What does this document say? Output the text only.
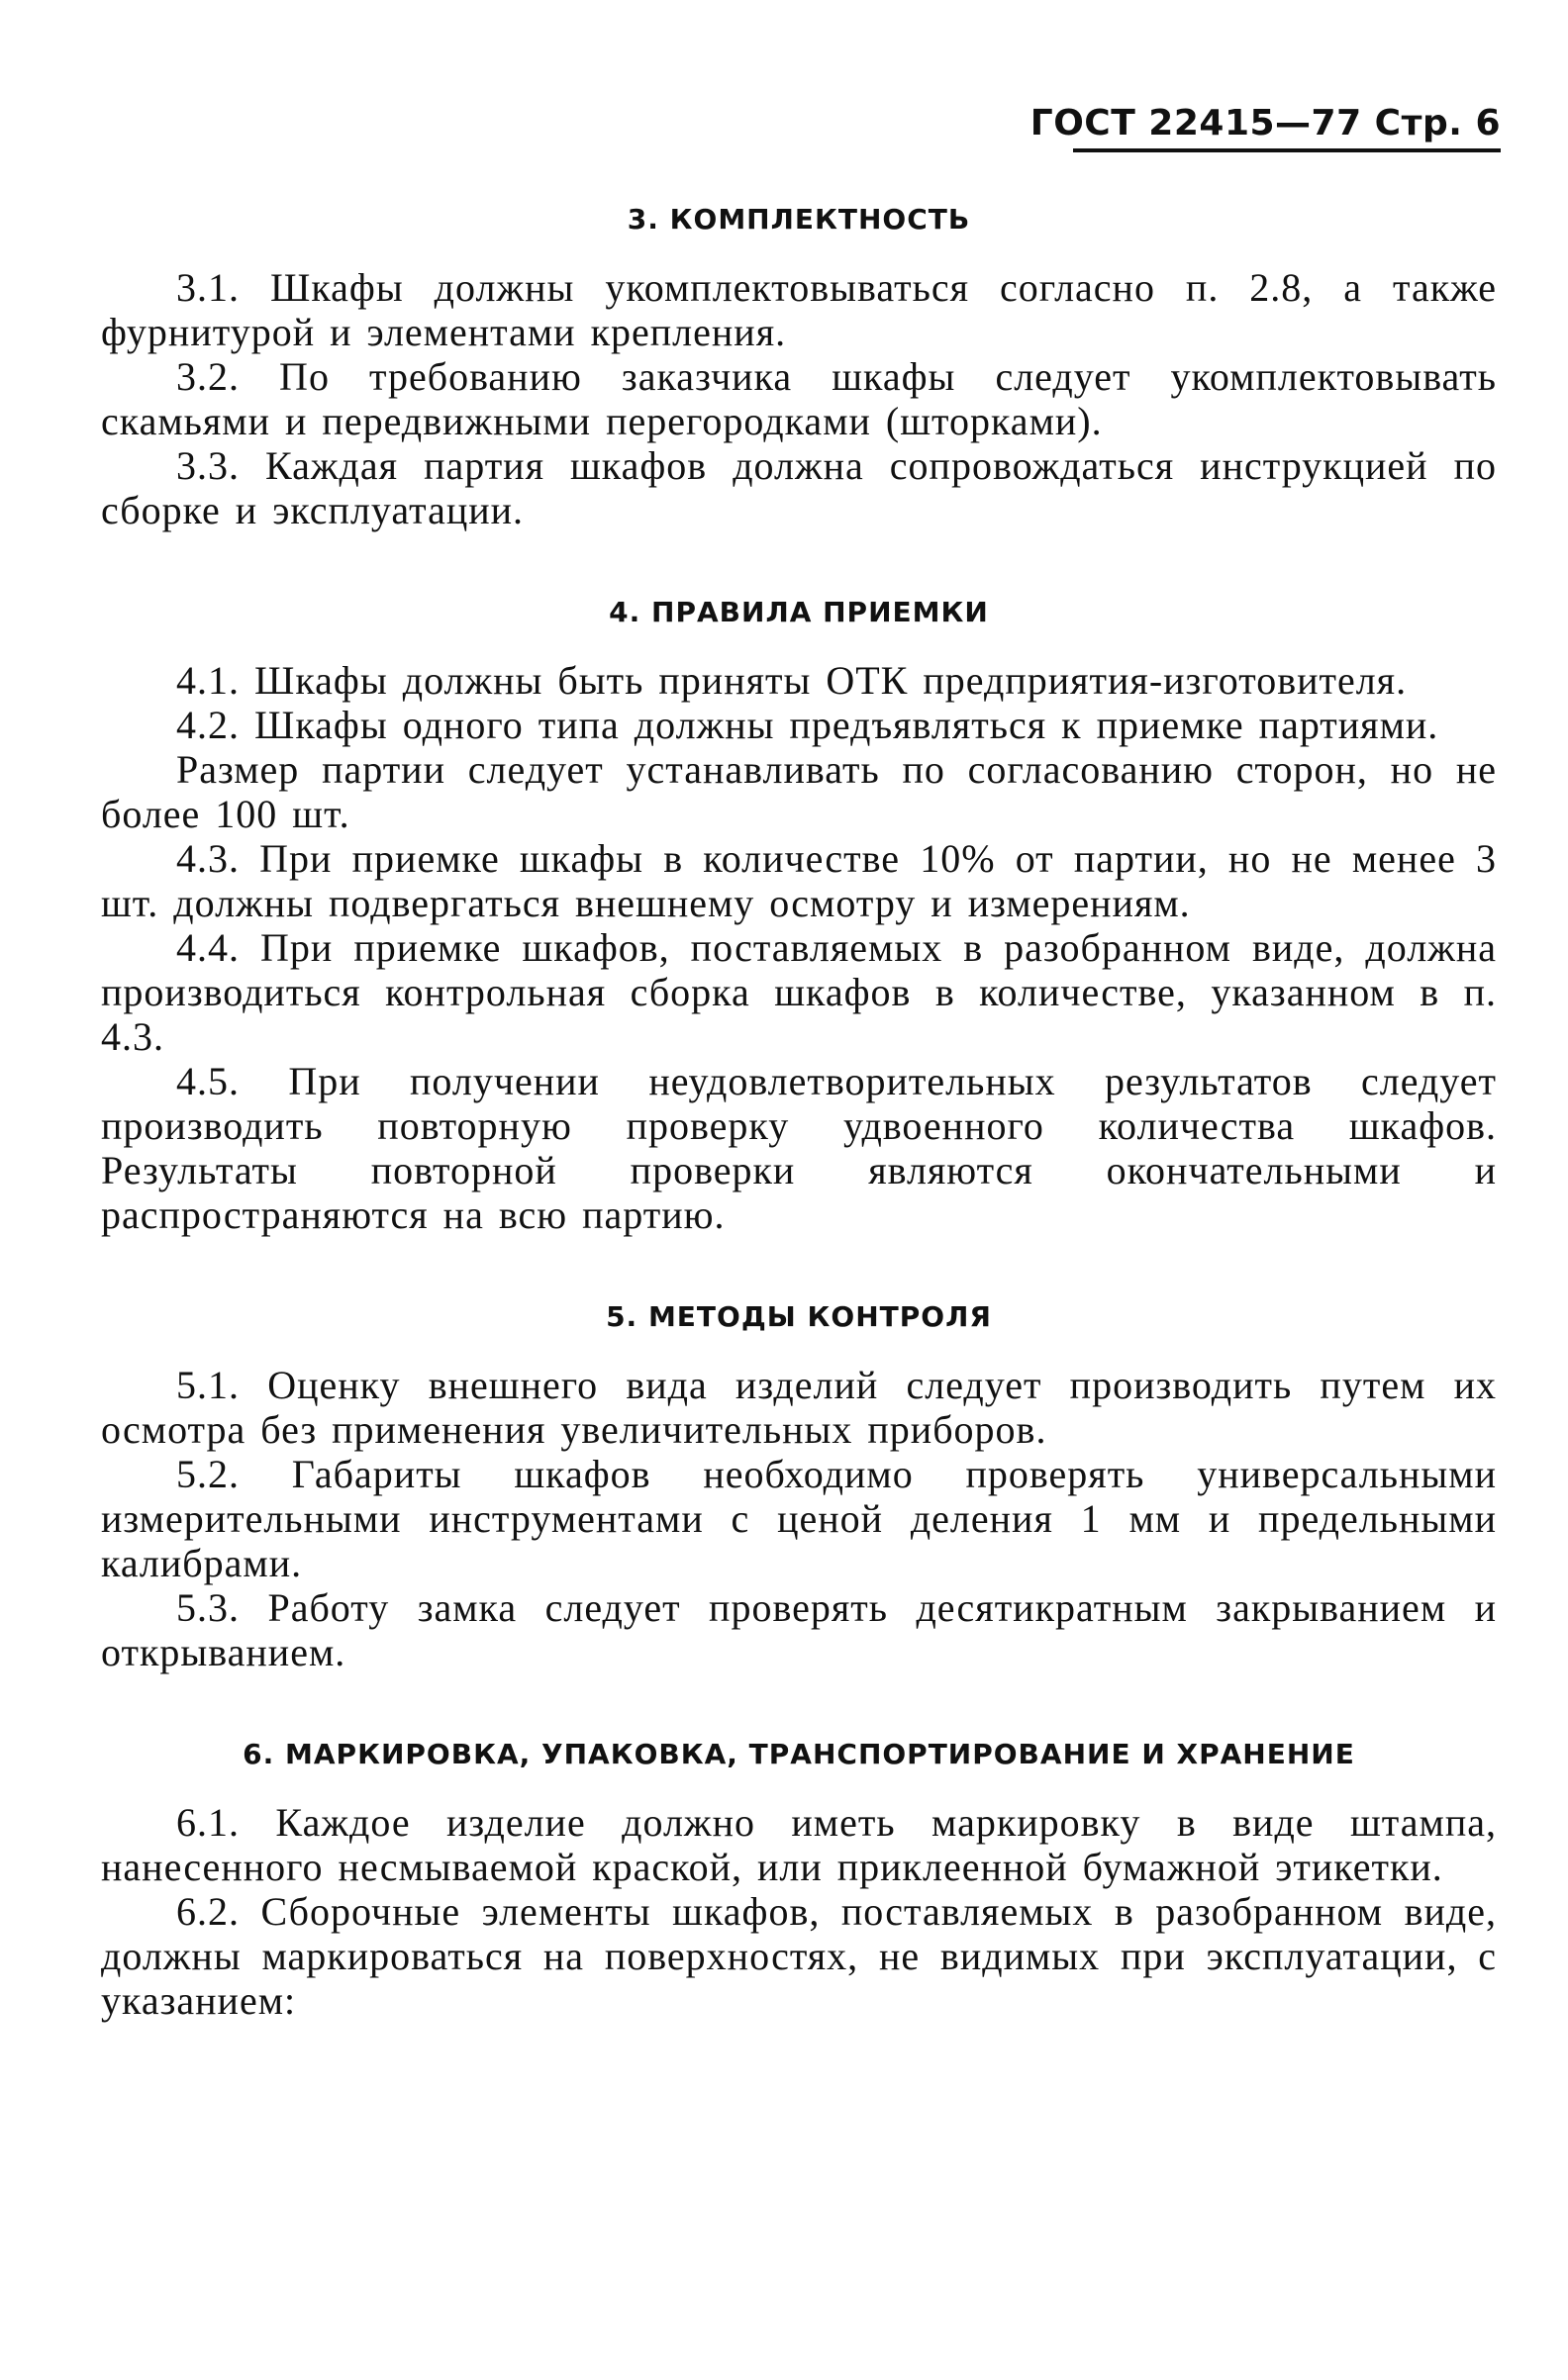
ГОСТ 22415—77 Стр. 6
3. КОМПЛЕКТНОСТЬ

3.1. Шкафы должны укомплектовываться согласно п. 2.8, а также фурнитурой и элементами крепления.

3.2. По требованию заказчика шкафы следует укомплектовывать скамьями и передвижными перегородками (шторками).

3.3. Каждая партия шкафов должна сопровождаться инструкцией по сборке и эксплуатации.

4. ПРАВИЛА ПРИЕМКИ

4.1. Шкафы должны быть приняты ОТК предприятия-изготовителя.

4.2. Шкафы одного типа должны предъявляться к приемке партиями.

Размер партии следует устанавливать по согласованию сторон, но не более 100 шт.

4.3. При приемке шкафы в количестве 10% от партии, но не менее 3 шт. должны подвергаться внешнему осмотру и измерениям.

4.4. При приемке шкафов, поставляемых в разобранном виде, должна производиться контрольная сборка шкафов в количестве, указанном в п. 4.3.

4.5. При получении неудовлетворительных результатов следует производить повторную проверку удвоенного количества шкафов. Результаты повторной проверки являются окончательными и распространяются на всю партию.

5. МЕТОДЫ КОНТРОЛЯ

5.1. Оценку внешнего вида изделий следует производить путем их осмотра без применения увеличительных приборов.

5.2. Габариты шкафов необходимо проверять универсальными измерительными инструментами с ценой деления 1 мм и предельными калибрами.

5.3. Работу замка следует проверять десятикратным закрыванием и открыванием.

6. МАРКИРОВКА, УПАКОВКА, ТРАНСПОРТИРОВАНИЕ И ХРАНЕНИЕ

6.1. Каждое изделие должно иметь маркировку в виде штампа, нанесенного несмываемой краской, или приклеенной бумажной этикетки.

6.2. Сборочные элементы шкафов, поставляемых в разобранном виде, должны маркироваться на поверхностях, не видимых при эксплуатации, с указанием:
